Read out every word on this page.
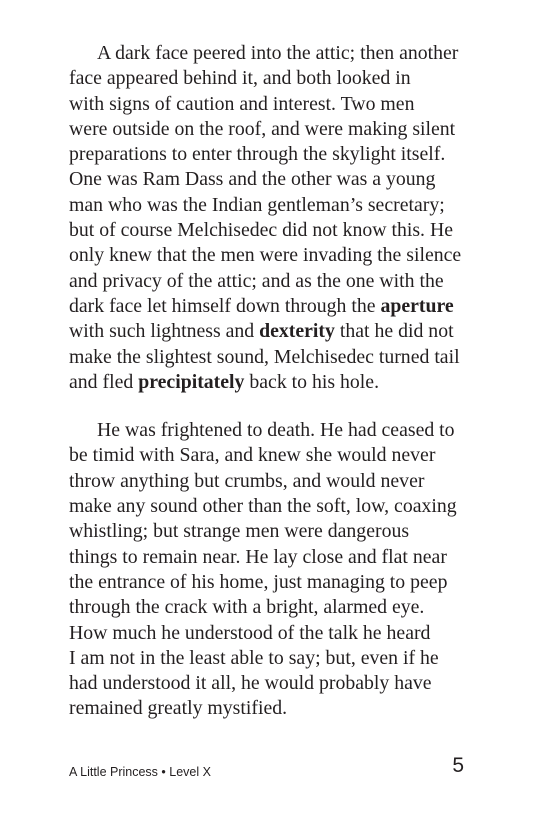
A dark face peered into the attic; then another
face appeared behind it, and both looked in
with signs of caution and interest. Two men
were outside on the roof, and were making silent
preparations to enter through the skylight itself.
One was Ram Dass and the other was a young
man who was the Indian gentleman’s secretary;
but of course Melchisedec did not know this. He
only knew that the men were invading the silence
and privacy of the attic; and as the one with the
dark face let himself down through the aperture
with such lightness and dexterity that he did not
make the slightest sound, Melchisedec turned tail
and fled precipitately back to his hole.

He was frightened to death. He had ceased to
be timid with Sara, and knew she would never
throw anything but crumbs, and would never
make any sound other than the soft, low, coaxing
whistling; but strange men were dangerous
things to remain near. He lay close and flat near
the entrance of his home, just managing to peep
through the crack with a bright, alarmed eye.
How much he understood of the talk he heard
I am not in the least able to say; but, even if he
had understood it all, he would probably have
remained greatly mystified.

A Little Princess • Level X	5
